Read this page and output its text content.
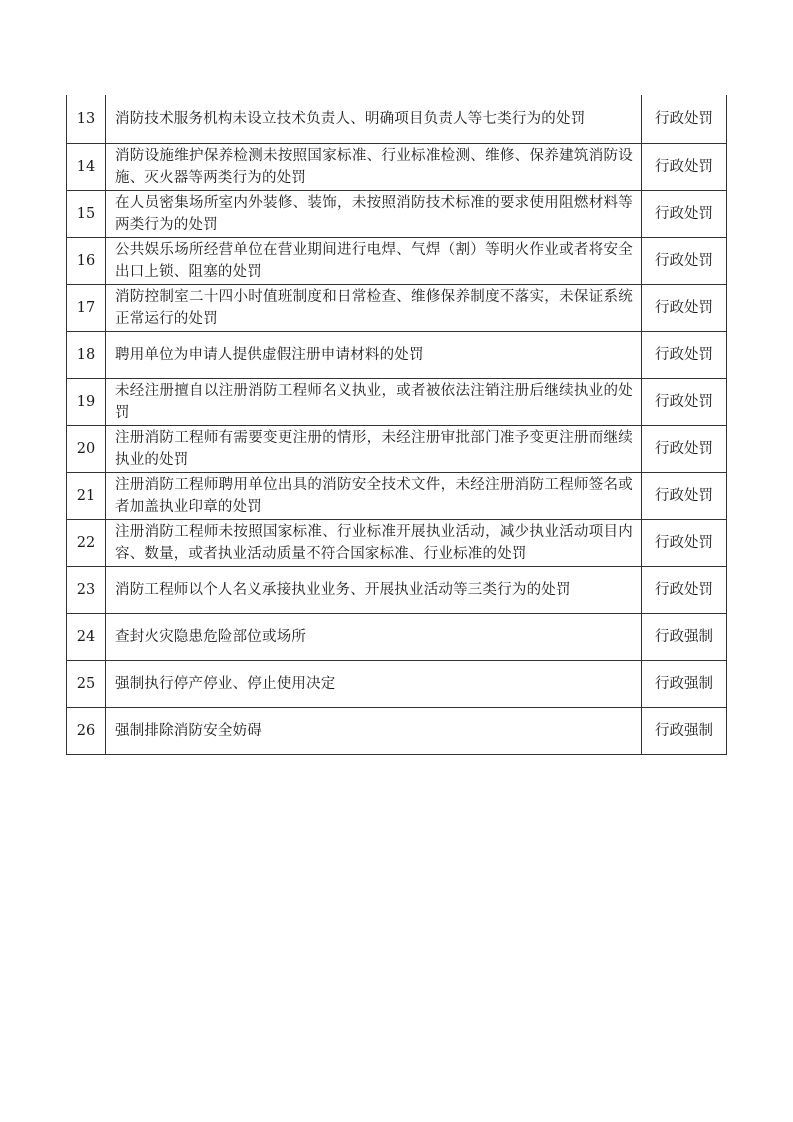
13	消防技术服务机构未设立技术负责人、明确项目负责人等七类行为的处罚	行政处罚
14	消防设施维护保养检测未按照国家标准、行业标准检测、维修、保养建筑消防设施、灭火器等两类行为的处罚	行政处罚
15	在人员密集场所室内外装修、装饰，未按照消防技术标准的要求使用阻燃材料等两类行为的处罚	行政处罚
16	公共娱乐场所经营单位在营业期间进行电焊、气焊（割）等明火作业或者将安全出口上锁、阻塞的处罚	行政处罚
17	消防控制室二十四小时值班制度和日常检查、维修保养制度不落实，未保证系统正常运行的处罚	行政处罚
18	聘用单位为申请人提供虚假注册申请材料的处罚	行政处罚
19	未经注册擅自以注册消防工程师名义执业，或者被依法注销注册后继续执业的处罚	行政处罚
20	注册消防工程师有需要变更注册的情形，未经注册审批部门准予变更注册而继续执业的处罚	行政处罚
21	注册消防工程师聘用单位出具的消防安全技术文件，未经注册消防工程师签名或者加盖执业印章的处罚	行政处罚
22	注册消防工程师未按照国家标准、行业标准开展执业活动，减少执业活动项目内容、数量，或者执业活动质量不符合国家标准、行业标准的处罚	行政处罚
23	消防工程师以个人名义承接执业业务、开展执业活动等三类行为的处罚	行政处罚
24	查封火灾隐患危险部位或场所	行政强制
25	强制执行停产停业、停止使用决定	行政强制
26	强制排除消防安全妨碍	行政强制
